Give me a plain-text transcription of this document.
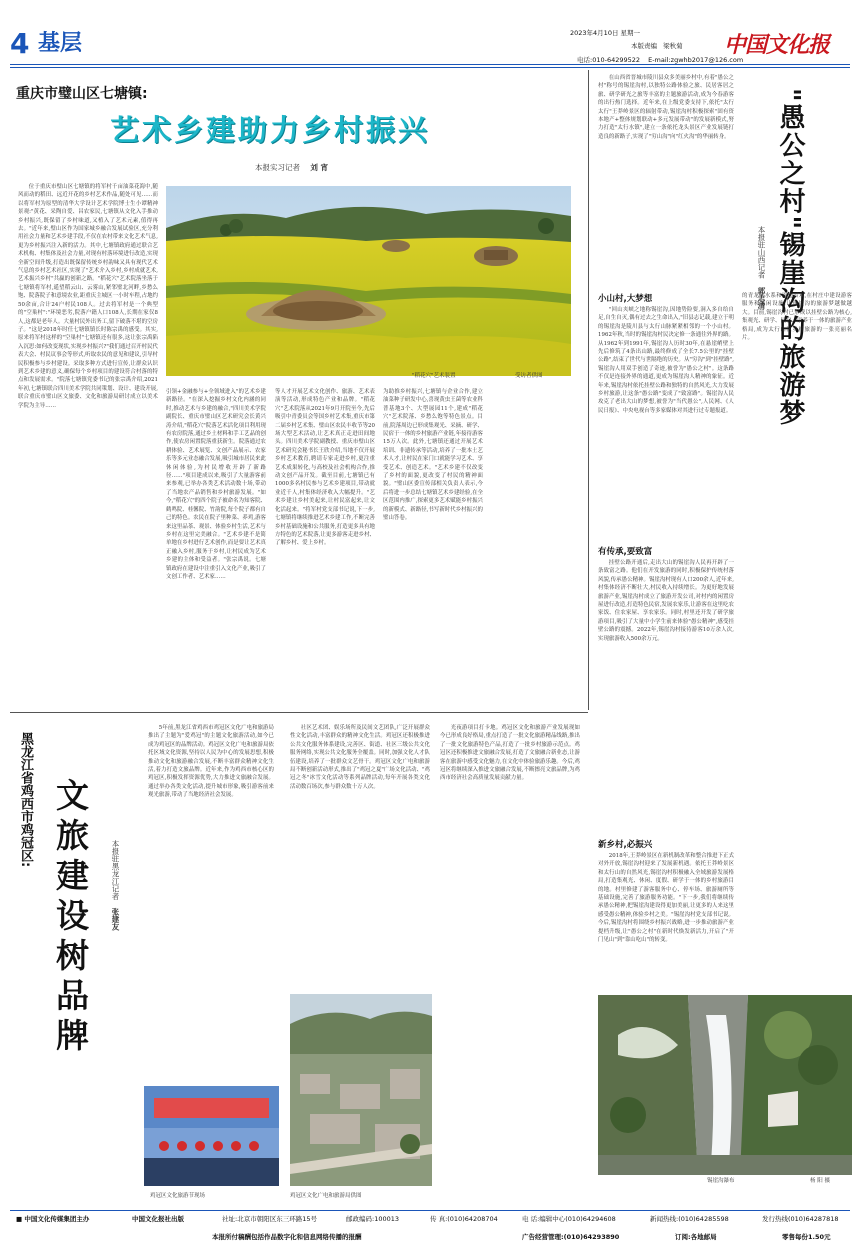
4 基层	2023年4月10日 星期一
本版责编 梁秋菊 中国文化报
电话:010-64299522 E-mail:zgwhb2017@126.com
重庆市璧山区七塘镇:
艺术乡建助力乡村振兴
本报实习记者 刘 宵
位于重庆市璧山区七塘镇的将军村千亩油菜花海中,随风而动的稻田、远近开花的乡村艺术作品,随处可见……而以将军村为原型的清华大学设计艺术学院博士生小谭精神景观:"黄花、采陶自爱、昌农家民,七塘镇从文化入手推动乡村振兴,既保留了乡村味道,又植入了艺术元素,值得再去。"近年来,璧山区作为国家城乡融合发展试验区,充分利用社会力量和艺术乡建手段,不仅在农村带来文化艺术气息,更为乡村振兴注入新的活力。其中,七塘镇政府通过联合艺术机构、村集体及社会力量,对现有村落环境进行改造,实现全新空间升级,打造出既保留传统乡村韵味又具有现代艺术气息的乡村艺术社区,实现了"艺术介入乡村,乡村成就艺术,艺术振兴乡村"共赢的创新之路。"稻花穴"艺术院落坐落于七塘镇将军村,遥望稻云山、云雾山,紧邻璧北河畔,乡愁么饱、院落院子和意境农业,距重庆主城区一小时车程,占地约50余亩,合计24户村民108人。过去将军村是一个典型的"空巢村":"环境恶劣,院落户籍人口108人,长期在家仅8人,这都是老年人。大量村民外出务工,留下破落不堪的空房子。"这是2018年时任七塘镇镇长时陈宗禹的感受。其实,原来将军村这样的"空巢村"七塘镇还有很多,这让张宗禹陷入沉思:如何改变现状,实现乡村振兴?"我们通过召开村民代表大会、村民议事会等形式,听取农民的意见和建议,引导村民积极参与乡村建设。采取多种方式进行宣传,让群众认识到艺术乡建的意义,确保每个乡村项目的建设符合村落的特点和发展需求。"院落七塘镇党委书记的张宗禹介绍,2021年初,七塘镇联合四川美术学院共同策划、设计、建设开展,联合重庆市璧山区文旅委、文化和旅游局研讨成立以美术学院为主导……
"稻花穴"艺术装置	受访者供图
引领+金融参与+全领域进入"的艺术乡建新路径。"在深入挖掘乡村文化内涵的同时,推动艺术与乡建的融合,"四川美术学院副院长、重庆市璧山区艺术研究会长黄兴涛介绍,"稻花穴"院落艺术活化项目利用现有农房院落,通过乡土材料和手工艺品的创作,使农房闲置院落重获新生。院落通过农耕体验、艺术展览、文创产品展示、农家乐等多元业态融合发展,吸引城市居民来此休闲体验,为村民增收开辟了新路径……"项目建成以来,吸引了大量游客前来参观,已举办各类艺术活动数十场,带动了当地农产品销售和乡村旅游发展。"如今,"稻花穴"的四个院子被命名为知客院、鹤鸣院、桂馨院、竹韵院,每个院子都有自己的特色。农民在院子里种菜、养鸡,游客来这里品茶、观景、体验乡村生活,艺术与乡村在这里完美融合。"艺术乡建不是简单地在乡村进行艺术创作,而是要让艺术真正融入乡村,服务于乡村,让村民成为艺术乡建的主体和受益者。"张宗禹说。七塘镇政府在建设中注重引入文化产业,吸引了文创工作者、艺术家……
等人才开展艺术文化创作、旅游、艺术表演等活动,形成特色产业和品牌。"稻花穴"艺术院落从2021年9月开院至今,先后吸引中青委员会等国乡村艺术集,重庆市第二届乡村艺术集、璧山区农民丰收节等20场大型艺术活动,让艺术真正走进田间地头。四川美术学院副教授、重庆市璧山区艺术研究会秘书长王欣介绍,当地不仅开展乡村艺术教育,聘请专家走进乡村,更注重艺术成果转化,与高校及社会机构合作,推动文创产品开发。截至目前,七塘镇已有1000多名村民参与艺术乡建项目,带动就业近千人,村集体经济收入大幅提升。"艺术乡建让乡村美起来,让村民富起来,让文化活起来。"将军村党支部书记说,下一步,七塘镇将继续推进艺术乡建工作,不断完善乡村基础设施和公共服务,打造更多具有地方特色的艺术院落,让更多游客走进乡村、了解乡村、爱上乡村。
为助推乡村振兴,七塘镇与企业合作,建立油菜种子研发中心,喜现黄虫王菌等农业科普基地3个、大型展园11个,建成"稻花穴"艺术院落、乡愁么饱等特色景点。目前,院落周边已形成集观光、采摘、研学、民宿于一体的乡村旅游产业链,年接待游客15万人次。此外,七塘镇还通过开展艺术培训、非遗传承等活动,培养了一批本土艺术人才,让村民在家门口就能学习艺术、享受艺术、创造艺术。"艺术乡建不仅改变了乡村的面貌,更改变了村民的精神面貌。"璧山区委宣传部相关负责人表示,今后将进一步总结七塘镇艺术乡建经验,在全区范围内推广,探索更多艺术赋能乡村振兴的新模式、新路径,书写新时代乡村振兴的璧山答卷。
在山西省晋城市陵川县众多美丽乡村中,有着"愚公之村"称号的锡崖沟村,以独特公路体验之旅、民居客居之旅、研学研光之旅等丰富的主题旅游活动,成为今春游客的出行热门选择。近年来,在上级党委支持下,依托"太行太行"王莽岭景区的辐射带动,锡崖沟村积极探索"固有资本地产+整体规划联动+多元发展带动"的发展新模式,努力打造"太行水镇",建立一条依托龙头景区产业发展链打造良的新路子,实现了"穷山沟"向"红火沟"的华丽转身。 "愚公之村"锡崖沟的旅游梦
本报驻山西记者 郭志清
小山村,大梦想
"回山夹峡之地称锡崖沟,因地势险要,洞入多自给自足,自生自灭,偶有过去之生命出入,"旧县志记载,建立于明的锡崖沟是陵川县与太行山脉紧紧相邻的一个小山村。1962年秋,当时的锡崖沟村民决定修一条通往外界的路。从1962年到1991年,锡崖沟人历时30年,在悬崖峭壁上先后修筑了4条出山路,最终修成了全长7.5公里的"挂壁公路",结束了世代与世隔绝的历史。从"穷沟"到"挂壁路",锡崖沟人用双手创造了奇迹,被誉为"愚公之村"。这条路不仅是连接外界的通道,更成为锡崖沟人精神的象征。近年来,锡崖沟村依托挂壁公路和独特的自然风光,大力发展乡村旅游,让这条"愚公路"变成了"致富路"。锡崖沟人民攻克了老出大山的梦想,被誉为"当代愚公",人民网、《人民日报》、中央电视台等多家媒体对其进行过专题报道。
有传承,要致富
挂壁公路开通后,走出大山的锡崖沟人民再开辟了一条致富之路。他们在开发旅游的同时,积极保护传统村落风貌,传承愚公精神。锡崖沟村现有人口200余人,近年来,村集体经济不断壮大,村民收入持续增长。为更好地发展旅游产业,锡崖沟村成立了旅游开发公司,对村内的闲置房屋进行改造,打造特色民宿,发展农家乐,让游客在这里吃农家饭、住农家屋、享农家乐。同时,村里还开发了研学旅游项目,吸引了大量中小学生前来体验"愚公精神",感受挂壁公路的震撼。2022年,锡崖沟村接待游客10万余人次,实现旅游收入500余万元。
新乡村,必振兴
2018年,王莽岭景区在新机制改革和整合推进下正式对外开放,锡崖沟村迎来了发展新机遇。依托王莽岭景区和太行山的自然风光,锡崖沟村积极融入全域旅游发展格局,打造集观光、休闲、度假、研学于一体的乡村旅游目的地。村里修建了游客服务中心、停车场、旅游厕所等基础设施,完善了旅游服务功能。"下一步,我们将继续传承愚公精神,把锡崖沟建设得更加美丽,让更多的人来这里感受愚公精神,体验乡村之美。"锡崖沟村党支部书记说。今后,锡崖沟村将围绕乡村振兴战略,进一步推动旅游产业提档升级,让"愚公之村"在新时代焕发新活力,开启了"开门见山"到"靠山吃山"的转变。
的青龙峡水系和周边景观,在村庄中建设游客服务和休闲设施,让锡崖沟的旅游梦越做越大。目前,锡崖沟村已形成以挂壁公路为核心,集观光、研学、民宿、康养于一体的旅游产业格局,成为太行山区乡村旅游的一张亮丽名片。
锡崖沟瀑布	杨 阳 摄
黑龙江省鸡西市鸡冠区: 文旅建设树品牌	本报驻黑龙江记者 张建友
5年前,黑龙江省鸡西市鸡冠区文化广电和旅游局推出了主题为"爱鸡冠"的主题文化旅游活动,如今已成为鸡冠区的品牌活动。鸡冠区文化广电和旅游局依托区域文化资源,坚持以人民为中心的发展思想,积极推动文化和旅游融合发展,不断丰富群众精神文化生活,着力打造文旅品牌。近年来,作为鸡西市核心区的鸡冠区,积极发挥资源优势,大力推进文旅融合发展。通过举办各类文化活动,提升城市形象,吸引游客前来观光旅游,带动了当地经济社会发展。
社区艺术团、娱乐场所及民间文艺团队,广泛开展群众性文化活动,丰富群众的精神文化生活。鸡冠区还积极推进公共文化服务体系建设,完善区、街道、社区三级公共文化服务网络,实现公共文化服务全覆盖。同时,加强文化人才队伍建设,培养了一批群众文艺骨干。鸡冠区文化广电和旅游局不断创新活动形式,推出了"鸡冠之夏"广场文化活动、"鸡冠之冬"冰雪文化活动等系列品牌活动,每年开展各类文化活动数百场次,参与群众数十万人次。
光夜游项目打卡地。鸡冠区文化和旅游产业发展现如今已形成良好格局,重点打造了一批文化旅游精品线路,推出了一批文化旅游特色产品,打造了一批乡村旅游示范点。鸡冠区还积极推进文旅融合发展,打造了文旅融合新业态,让游客在旅游中感受文化魅力,在文化中体验旅游乐趣。今后,鸡冠区将继续深入推进文旅融合发展,不断擦亮文旅品牌,为鸡西市经济社会高质量发展贡献力量。
鸡冠区文化旅游节现场	鸡冠区文化广电和旅游局供图
■ 中国文化传媒集团主办	中国文化报社出版	社址:北京市朝阳区东三环路15号	邮政编码:100013	传 真:(010)64208704	电 话:编辑中心(010)64294608	新闻热线:(010)64285598	发行热线(010)64287818
本报所付稿酬包括作品数字化和信息网络传播的报酬	广告经营管理:(010)64293890	订阅:各地邮局	零售每份1.50元
